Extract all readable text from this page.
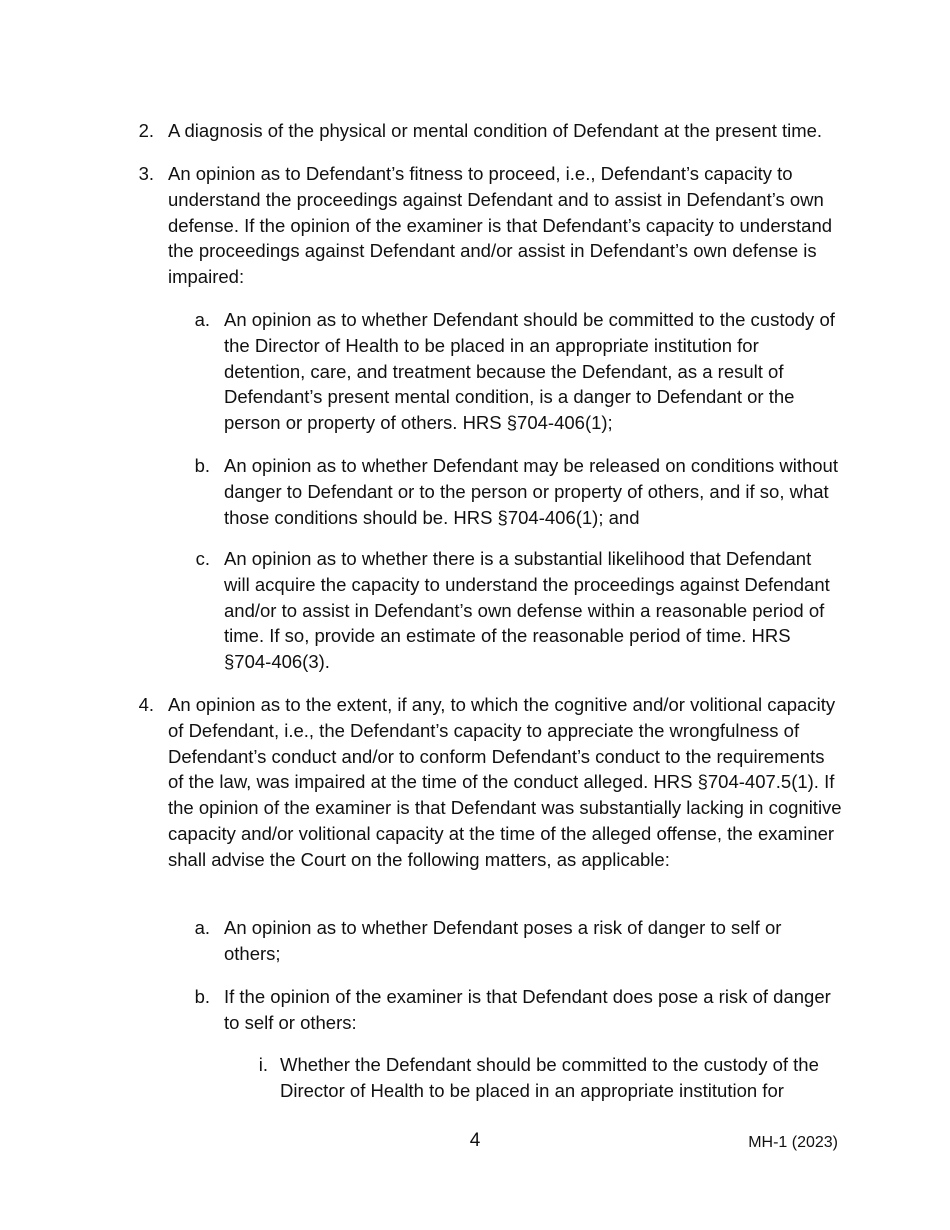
2. A diagnosis of the physical or mental condition of Defendant at the present time.
3. An opinion as to Defendant’s fitness to proceed, i.e., Defendant’s capacity to understand the proceedings against Defendant and to assist in Defendant’s own defense. If the opinion of the examiner is that Defendant’s capacity to understand the proceedings against Defendant and/or assist in Defendant’s own defense is impaired:
a. An opinion as to whether Defendant should be committed to the custody of the Director of Health to be placed in an appropriate institution for detention, care, and treatment because the Defendant, as a result of Defendant’s present mental condition, is a danger to Defendant or the person or property of others. HRS §704-406(1);
b. An opinion as to whether Defendant may be released on conditions without danger to Defendant or to the person or property of others, and if so, what those conditions should be. HRS §704-406(1); and
c. An opinion as to whether there is a substantial likelihood that Defendant will acquire the capacity to understand the proceedings against Defendant and/or to assist in Defendant’s own defense within a reasonable period of time. If so, provide an estimate of the reasonable period of time. HRS §704-406(3).
4. An opinion as to the extent, if any, to which the cognitive and/or volitional capacity of Defendant, i.e., the Defendant’s capacity to appreciate the wrongfulness of Defendant’s conduct and/or to conform Defendant’s conduct to the requirements of the law, was impaired at the time of the conduct alleged. HRS §704-407.5(1). If the opinion of the examiner is that Defendant was substantially lacking in cognitive capacity and/or volitional capacity at the time of the alleged offense, the examiner shall advise the Court on the following matters, as applicable:
a. An opinion as to whether Defendant poses a risk of danger to self or others;
b. If the opinion of the examiner is that Defendant does pose a risk of danger to self or others:
i. Whether the Defendant should be committed to the custody of the Director of Health to be placed in an appropriate institution for
4	MH-1 (2023)
